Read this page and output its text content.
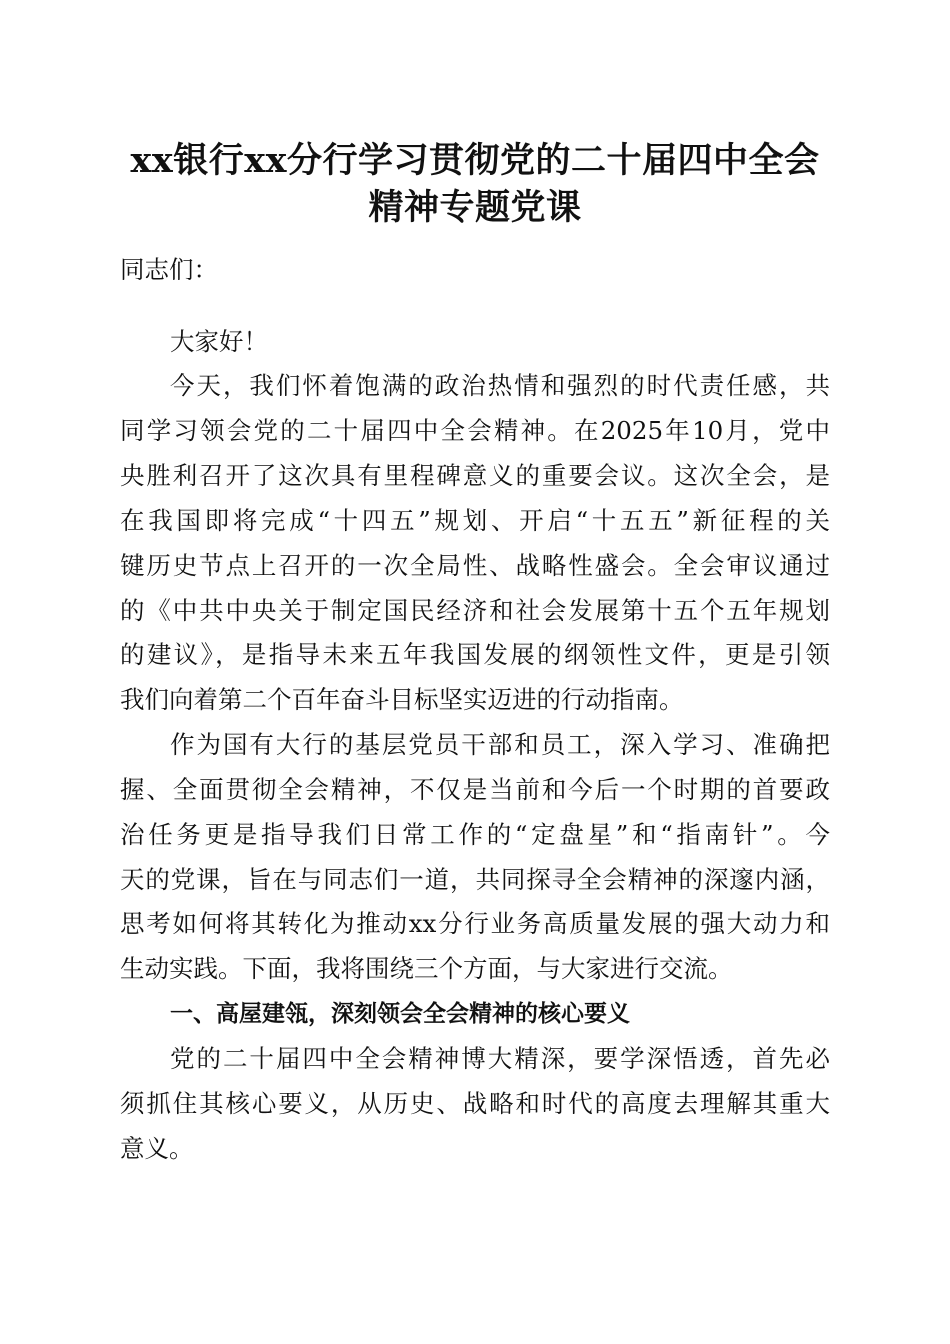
xx银行xx分行学习贯彻党的二十届四中全会
精神专题党课
同志们：
大家好！
今天，我们怀着饱满的政治热情和强烈的时代责任感，共
同学习领会党的二十届四中全会精神。在2025年10月，党中
央胜利召开了这次具有里程碑意义的重要会议。这次全会，是
在我国即将完成“十四五”规划、开启“十五五”新征程的关
键历史节点上召开的一次全局性、战略性盛会。全会审议通过
的《中共中央关于制定国民经济和社会发展第十五个五年规划
的建议》，是指导未来五年我国发展的纲领性文件，更是引领
我们向着第二个百年奋斗目标坚实迈进的行动指南。
作为国有大行的基层党员干部和员工，深入学习、准确把
握、全面贯彻全会精神，不仅是当前和今后一个时期的首要政
治任务更是指导我们日常工作的“定盘星”和“指南针”。今
天的党课，旨在与同志们一道，共同探寻全会精神的深邃内涵，
思考如何将其转化为推动xx分行业务高质量发展的强大动力和
生动实践。下面，我将围绕三个方面，与大家进行交流。
一、高屋建瓴，深刻领会全会精神的核心要义
党的二十届四中全会精神博大精深，要学深悟透，首先必
须抓住其核心要义，从历史、战略和时代的高度去理解其重大
意义。
